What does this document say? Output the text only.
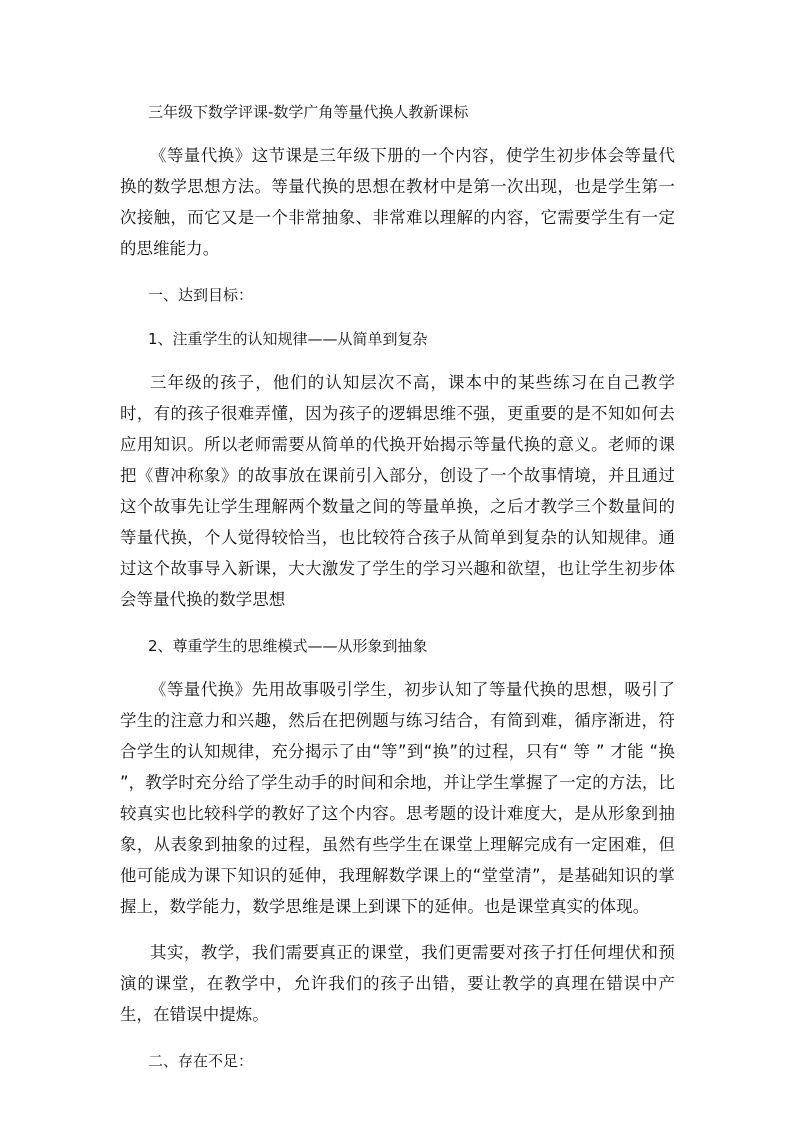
三年级下数学评课-数学广角等量代换人教新课标

《等量代换》这节课是三年级下册的一个内容，使学生初步体会等量代换的数学思想方法。等量代换的思想在教材中是第一次出现，也是学生第一次接触，而它又是一个非常抽象、非常难以理解的内容，它需要学生有一定的思维能力。

一、达到目标：

1、注重学生的认知规律——从简单到复杂

三年级的孩子，他们的认知层次不高，课本中的某些练习在自己教学时，有的孩子很难弄懂，因为孩子的逻辑思维不强，更重要的是不知如何去应用知识。所以老师需要从简单的代换开始揭示等量代换的意义。老师的课把《曹冲称象》的故事放在课前引入部分，创设了一个故事情境，并且通过这个故事先让学生理解两个数量之间的等量单换，之后才教学三个数量间的等量代换，个人觉得较恰当，也比较符合孩子从简单到复杂的认知规律。通过这个故事导入新课，大大激发了学生的学习兴趣和欲望，也让学生初步体会等量代换的数学思想

2、尊重学生的思维模式——从形象到抽象

《等量代换》先用故事吸引学生，初步认知了等量代换的思想，吸引了学生的注意力和兴趣，然后在把例题与练习结合，有简到难，循序渐进，符合学生的认知规律，充分揭示了由“等”到“换”的过程，只有“ 等 ” 才能 “换 ”，教学时充分给了学生动手的时间和余地，并让学生掌握了一定的方法，比较真实也比较科学的教好了这个内容。思考题的设计难度大，是从形象到抽象，从表象到抽象的过程，虽然有些学生在课堂上理解完成有一定困难，但他可能成为课下知识的延伸，我理解数学课上的“堂堂清”，是基础知识的掌握上，数学能力，数学思维是课上到课下的延伸。也是课堂真实的体现。

其实，教学，我们需要真正的课堂，我们更需要对孩子打任何埋伏和预演的课堂，在教学中，允许我们的孩子出错，要让教学的真理在错误中产生，在错误中提炼。

二、存在不足：
